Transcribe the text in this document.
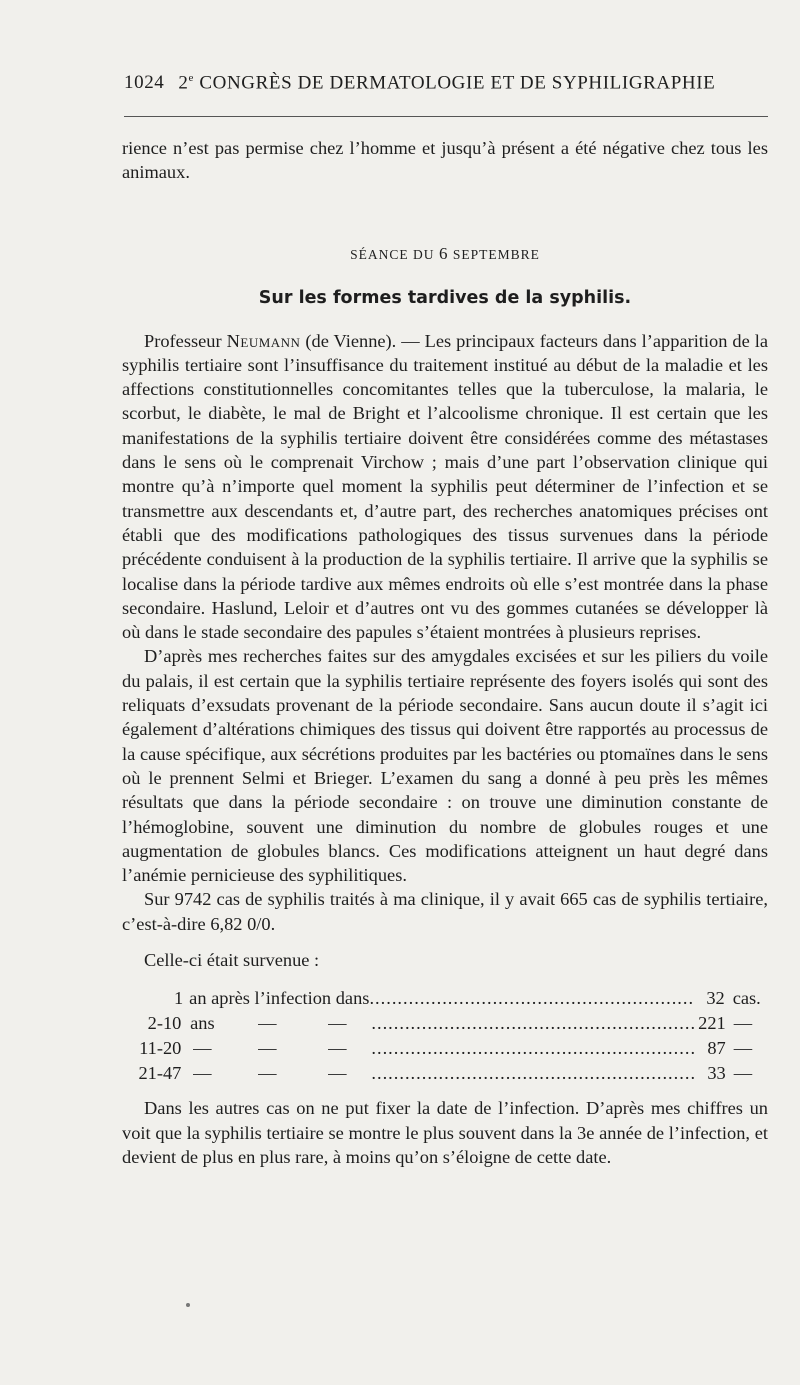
1024 2e CONGRÈS DE DERMATOLOGIE ET DE SYPHILIGRAPHIE

rience n’est pas permise chez l’homme et jusqu’à présent a été négative chez tous les animaux.

SÉANCE DU 6 SEPTEMBRE
Sur les formes tardives de la syphilis.

Professeur Neumann (de Vienne). — Les principaux facteurs dans l’apparition de la syphilis tertiaire sont l’insuffisance du traitement institué au début de la maladie et les affections constitutionnelles concomitantes telles que la tuberculose, la malaria, le scorbut, le diabète, le mal de Bright et l’alcoolisme chronique. Il est certain que les manifestations de la syphilis tertiaire doivent être considérées comme des métastases dans le sens où le comprenait Virchow ; mais d’une part l’observation clinique qui montre qu’à n’importe quel moment la syphilis peut déterminer de l’infection et se transmettre aux descendants et, d’autre part, des recherches anatomiques précises ont établi que des modifications pathologiques des tissus survenues dans la période précédente conduisent à la production de la syphilis tertiaire. Il arrive que la syphilis se localise dans la période tardive aux mêmes endroits où elle s’est montrée dans la phase secondaire. Haslund, Leloir et d’autres ont vu des gommes cutanées se développer là où dans le stade secondaire des papules s’étaient montrées à plusieurs reprises.

D’après mes recherches faites sur des amygdales excisées et sur les piliers du voile du palais, il est certain que la syphilis tertiaire représente des foyers isolés qui sont des reliquats d’exsudats provenant de la période secondaire. Sans aucun doute il s’agit ici également d’altérations chimiques des tissus qui doivent être rapportés au processus de la cause spécifique, aux sécrétions produites par les bactéries ou ptomaïnes dans le sens où le prennent Selmi et Brieger. L’examen du sang a donné à peu près les mêmes résultats que dans la période secondaire : on trouve une diminution constante de l’hémoglobine, souvent une diminution du nombre de globules rouges et une augmentation de globules blancs. Ces modifications atteignent un haut degré dans l’anémie pernicieuse des syphilitiques.

Sur 9742 cas de syphilis traités à ma clinique, il y avait 665 cas de syphilis tertiaire, c’est-à-dire 6,82 0/0.

Celle-ci était survenue :

1 an après l’infection dans .......................................................... 32 cas.
2-10 ans —	—	.......................................................... 221 —
11-20 —	—	—	.......................................................... 87 —
21-47 —	—	—	.......................................................... 33 —

Dans les autres cas on ne put fixer la date de l’infection. D’après mes chiffres un voit que la syphilis tertiaire se montre le plus souvent dans la 3e année de l’infection, et devient de plus en plus rare, à moins qu’on s’éloigne de cette date.
